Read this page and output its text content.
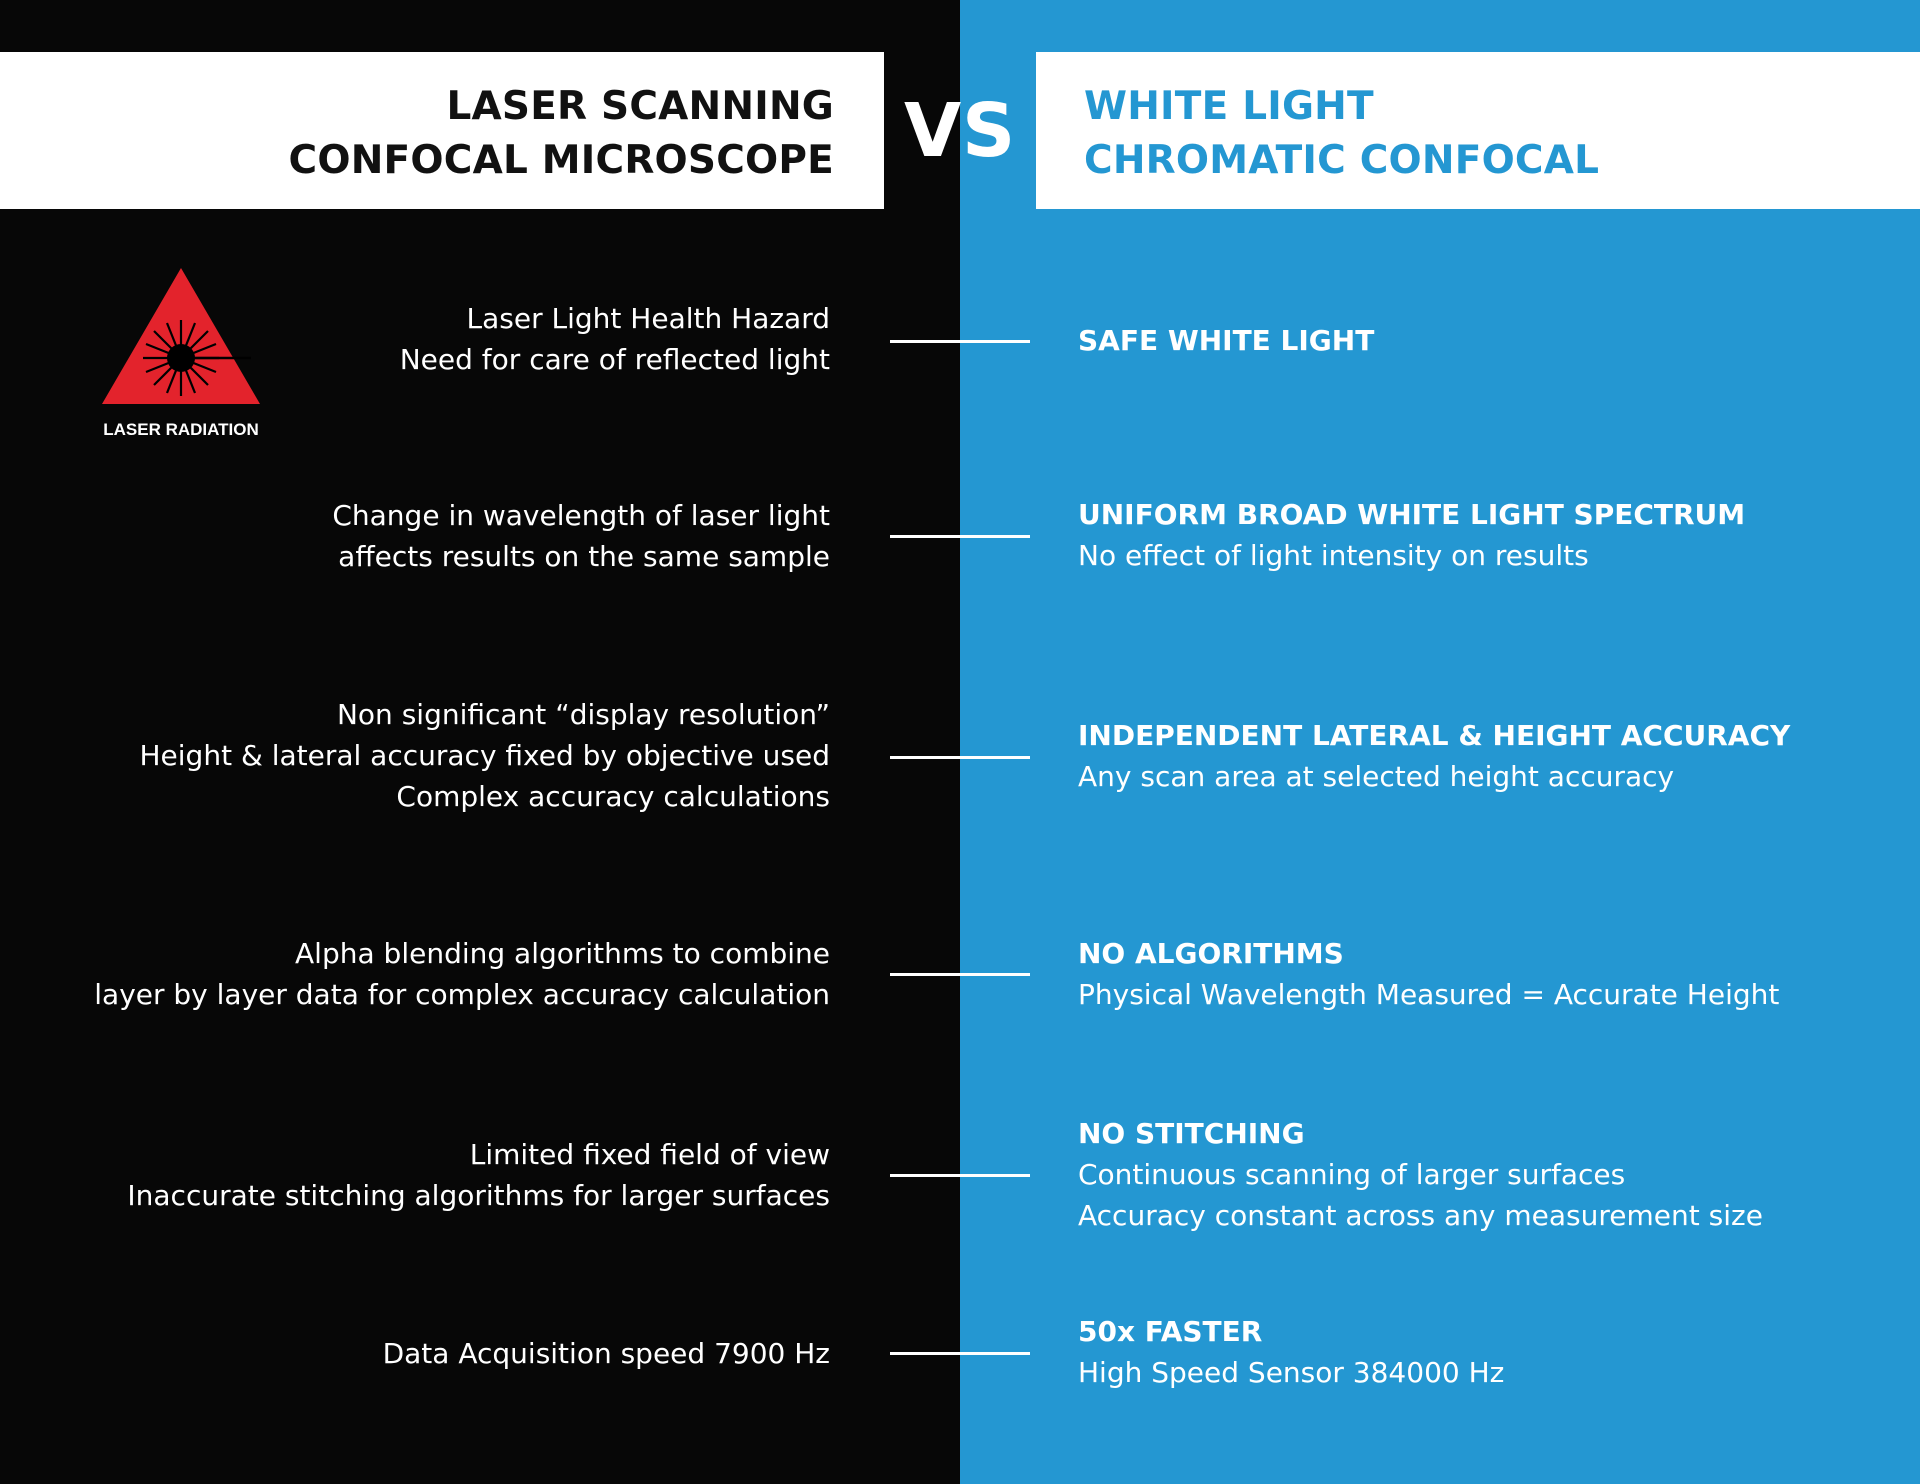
LASER SCANNING
CONFOCAL MICROSCOPE
WHITE LIGHT
CHROMATIC CONFOCAL
V S
LASER RADIATION
Laser Light Health Hazard
Need for care of reflected light
SAFE WHITE LIGHT
Change in wavelength of laser light
affects results on the same sample
UNIFORM BROAD WHITE LIGHT SPECTRUM
No effect of light intensity on results
Non significant “display resolution”
Height & lateral accuracy fixed by objective used
Complex accuracy calculations
INDEPENDENT LATERAL & HEIGHT ACCURACY
Any scan area at selected height accuracy
Alpha blending algorithms to combine
layer by layer data for complex accuracy calculation
NO ALGORITHMS
Physical Wavelength Measured = Accurate Height
Limited fixed field of view
Inaccurate stitching algorithms for larger surfaces
NO STITCHING
Continuous scanning of larger surfaces
Accuracy constant across any measurement size
Data Acquisition speed 7900 Hz
50x FASTER
High Speed Sensor 384000 Hz
